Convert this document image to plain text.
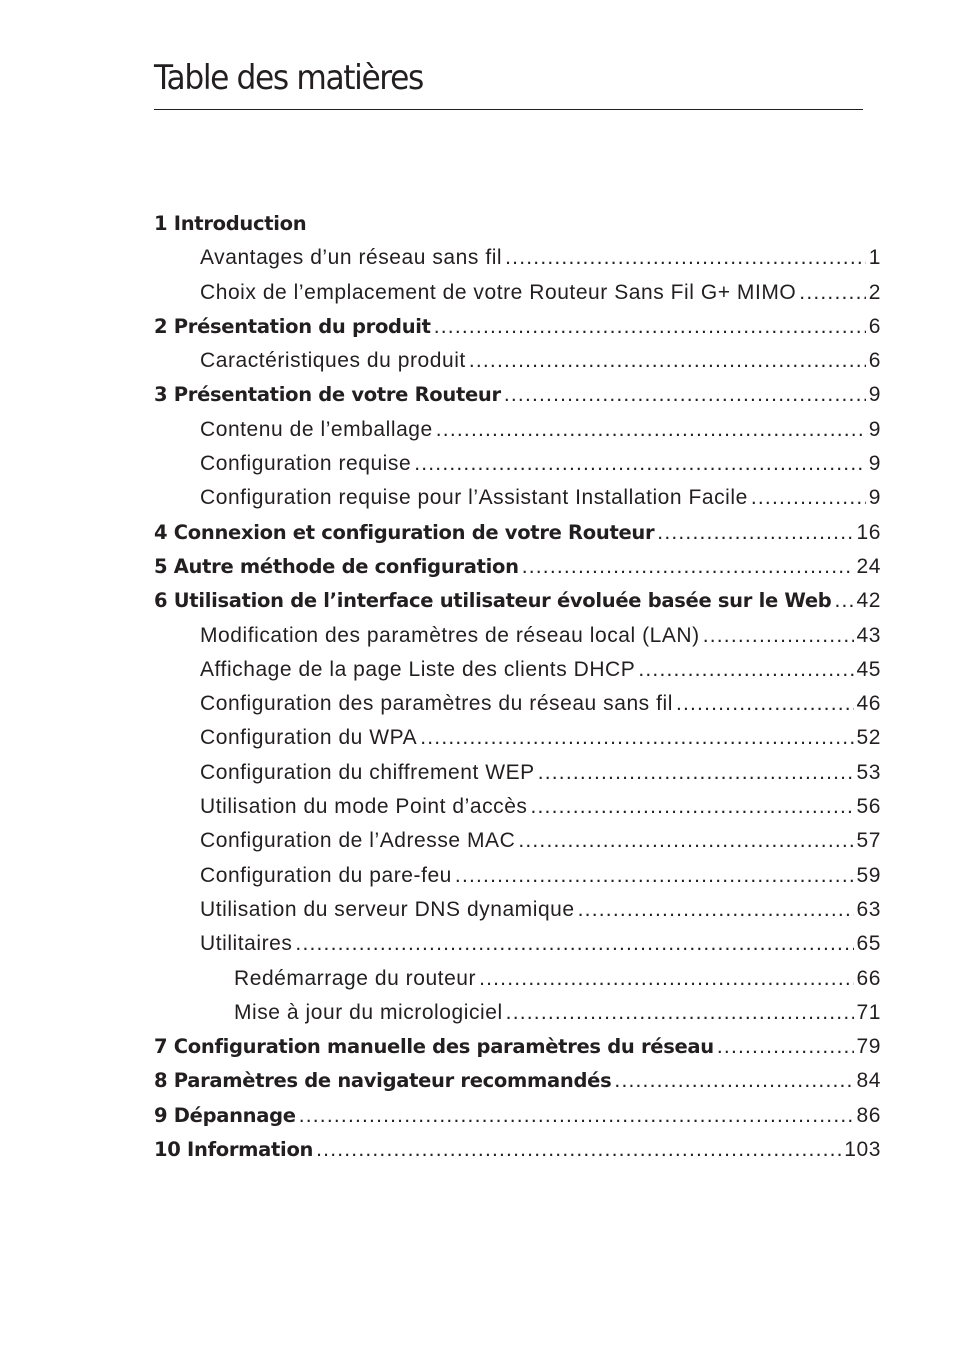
Table des matières
1 Introduction
Avantages d’un réseau sans fil .....	1
Choix de l’emplacement de votre Routeur Sans Fil G+ MIMO .....	2
2 Présentation du produit .....	6
Caractéristiques du produit .....	6
3 Présentation de votre Routeur .....	9
Contenu de l’emballage .....	9
Configuration requise .....	9
Configuration requise pour l’Assistant Installation Facile .....	9
4 Connexion et configuration de votre Routeur .....	16
5 Autre méthode de configuration .....	24
6 Utilisation de l’interface utilisateur évoluée basée sur le Web ..... 42
Modification des paramètres de réseau local (LAN) .....	43
Affichage de la page Liste des clients DHCP .....	45
Configuration des paramètres du réseau sans fil .....	46
Configuration du WPA .....	52
Configuration du chiffrement WEP .....	53
Utilisation du mode Point d’accès .....	56
Configuration de l’Adresse MAC .....	57
Configuration du pare-feu .....	59
Utilisation du serveur DNS dynamique .....	63
Utilitaires .....	65
Redémarrage du routeur .....	66
Mise à jour du micrologiciel .....	71
7 Configuration manuelle des paramètres du réseau .....	79
8 Paramètres de navigateur recommandés .....	84
9 Dépannage .....	86
10 Information .....	103
